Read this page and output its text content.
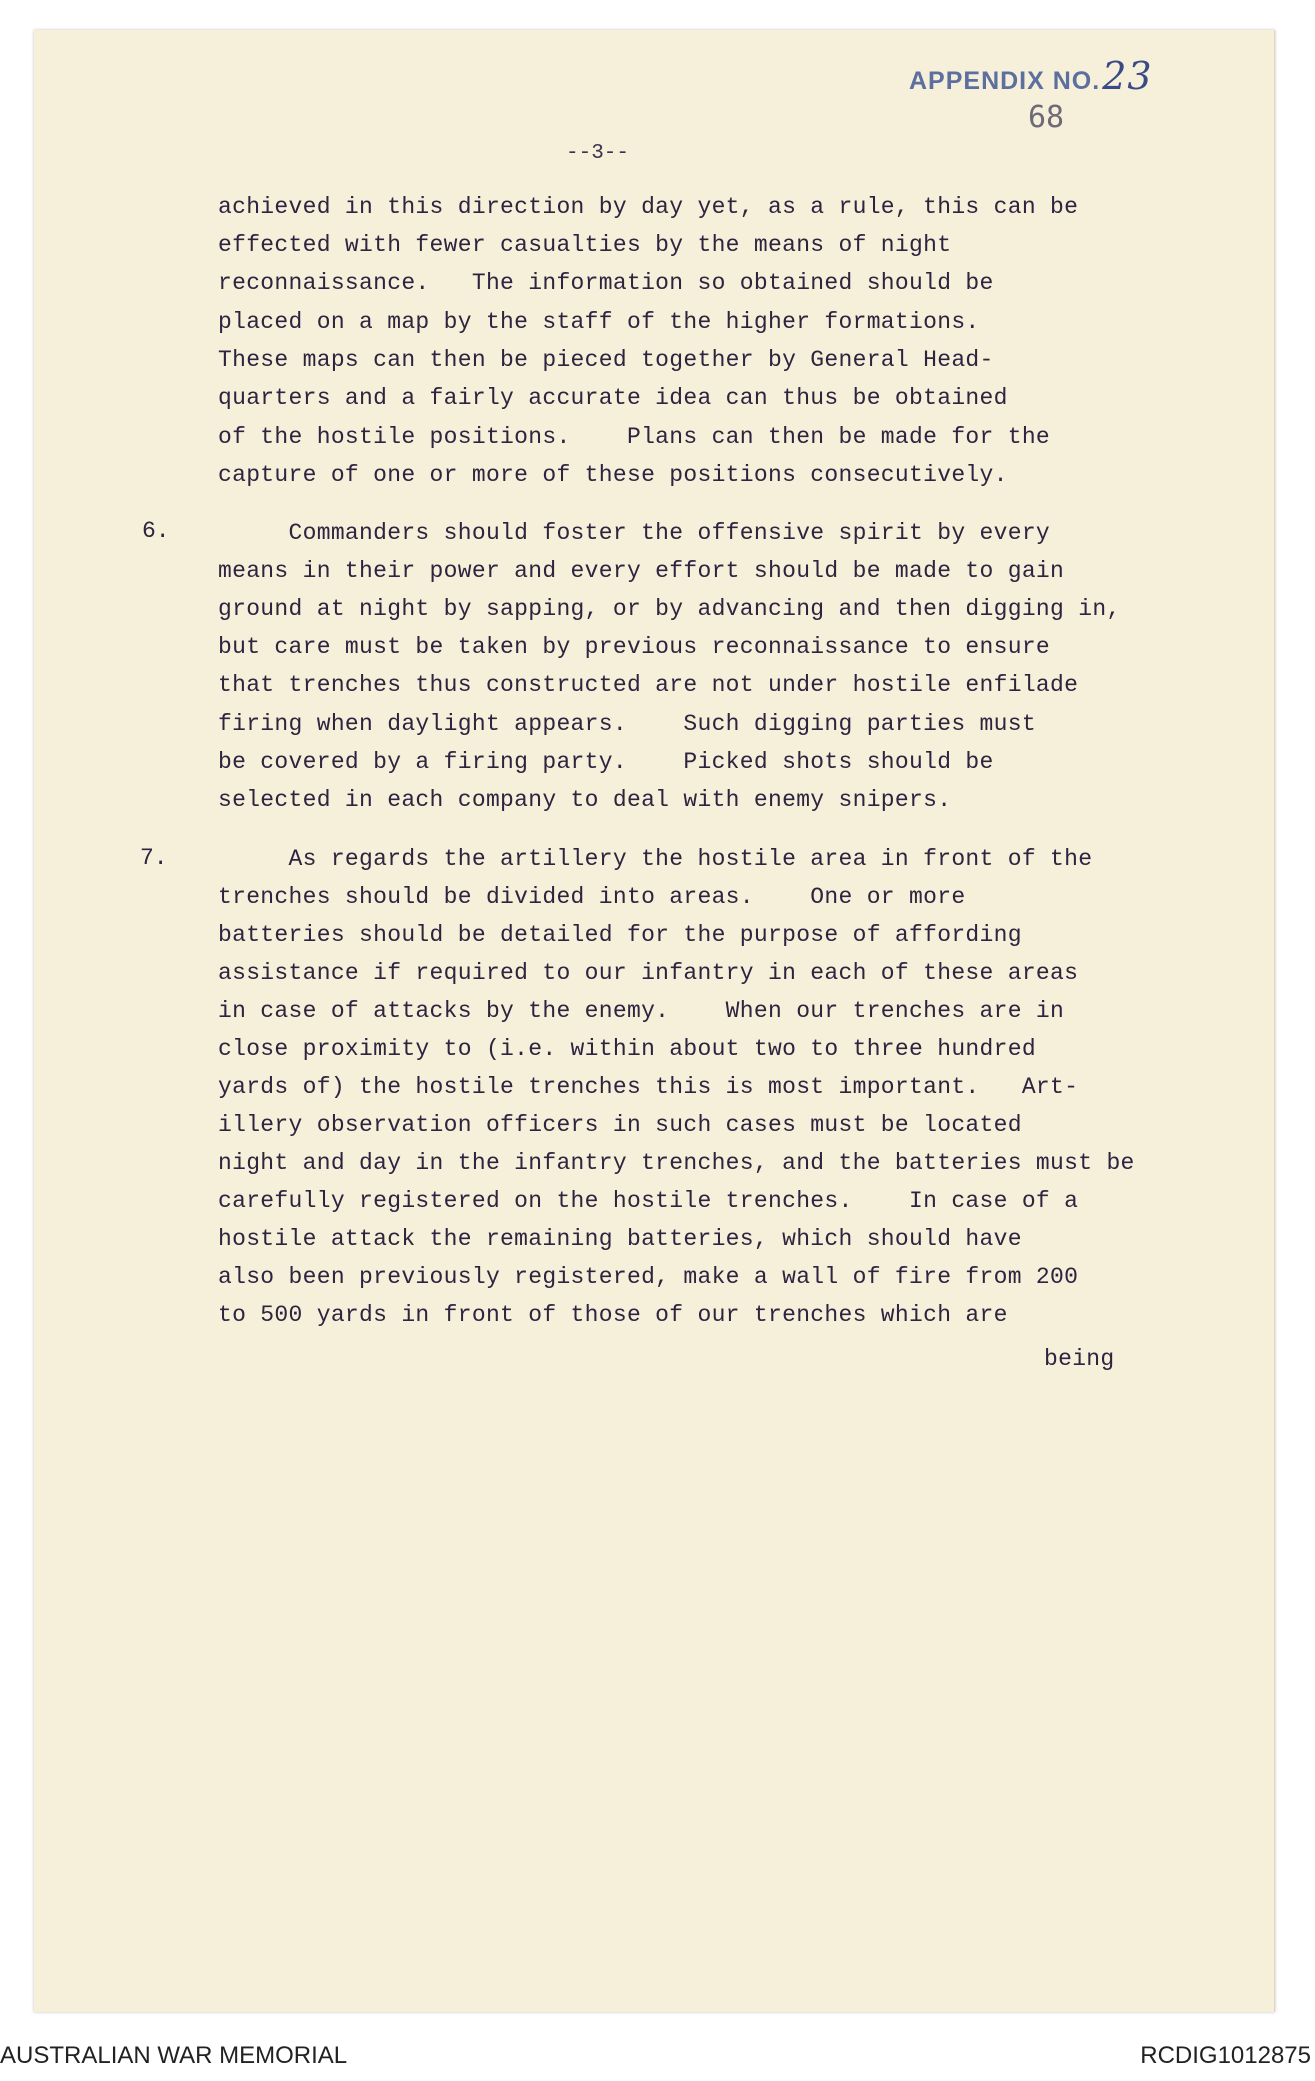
APPENDIX NO.23
68
--3--
achieved in this direction by day yet, as a rule, this can be
effected with fewer casualties by the means of night
reconnaissance.   The information so obtained should be
placed on a map by the staff of the higher formations.
These maps can then be pieced together by General Head-
quarters and a fairly accurate idea can thus be obtained
of the hostile positions.    Plans can then be made for the
capture of one or more of these positions consecutively.
6. Commanders should foster the offensive spirit by every
means in their power and every effort should be made to gain
ground at night by sapping, or by advancing and then digging in,
but care must be taken by previous reconnaissance to ensure
that trenches thus constructed are not under hostile enfilade
firing when daylight appears.    Such digging parties must
be covered by a firing party.    Picked shots should be
selected in each company to deal with enemy snipers.
7. As regards the artillery the hostile area in front of the
trenches should be divided into areas.    One or more
batteries should be detailed for the purpose of affording
assistance if required to our infantry in each of these areas
in case of attacks by the enemy.    When our trenches are in
close proximity to (i.e. within about two to three hundred
yards of) the hostile trenches this is most important.   Art-
illery observation officers in such cases must be located
night and day in the infantry trenches, and the batteries must be
carefully registered on the hostile trenches.    In case of a
hostile attack the remaining batteries, which should have
also been previously registered, make a wall of fire from 200
to 500 yards in front of those of our trenches which are
being
AUSTRALIAN WAR MEMORIAL	RCDIG1012875
